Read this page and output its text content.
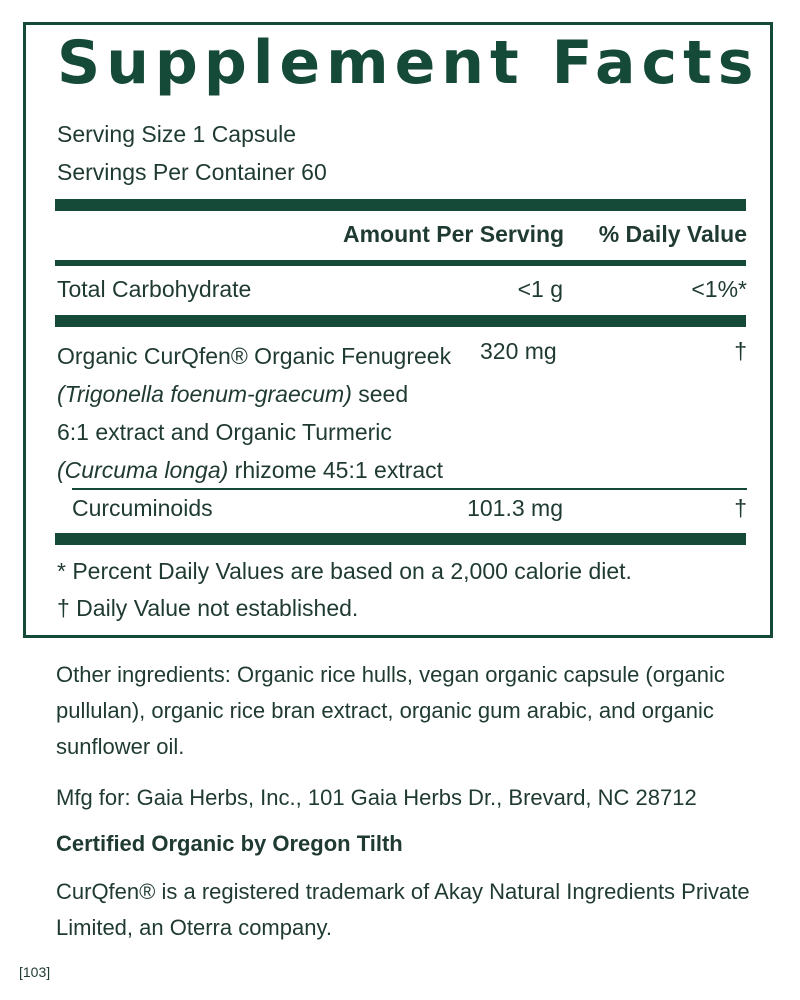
Supplement Facts
Serving Size 1 Capsule
Servings Per Container 60
Amount Per Serving	% Daily Value
Total Carbohydrate	<1 g	<1%*
Organic CurQfen® Organic Fenugreek
(Trigonella foenum-graecum) seed
6:1 extract and Organic Turmeric
(Curcuma longa) rhizome 45:1 extract
320 mg	†
Curcuminoids	101.3 mg	†
* Percent Daily Values are based on a 2,000 calorie diet.
† Daily Value not established.
Other ingredients: Organic rice hulls, vegan organic capsule (organic pullulan), organic rice bran extract, organic gum arabic, and organic sunflower oil.
Mfg for: Gaia Herbs, Inc., 101 Gaia Herbs Dr., Brevard, NC 28712
Certified Organic by Oregon Tilth
CurQfen® is a registered trademark of Akay Natural Ingredients Private Limited, an Oterra company.
[103]
